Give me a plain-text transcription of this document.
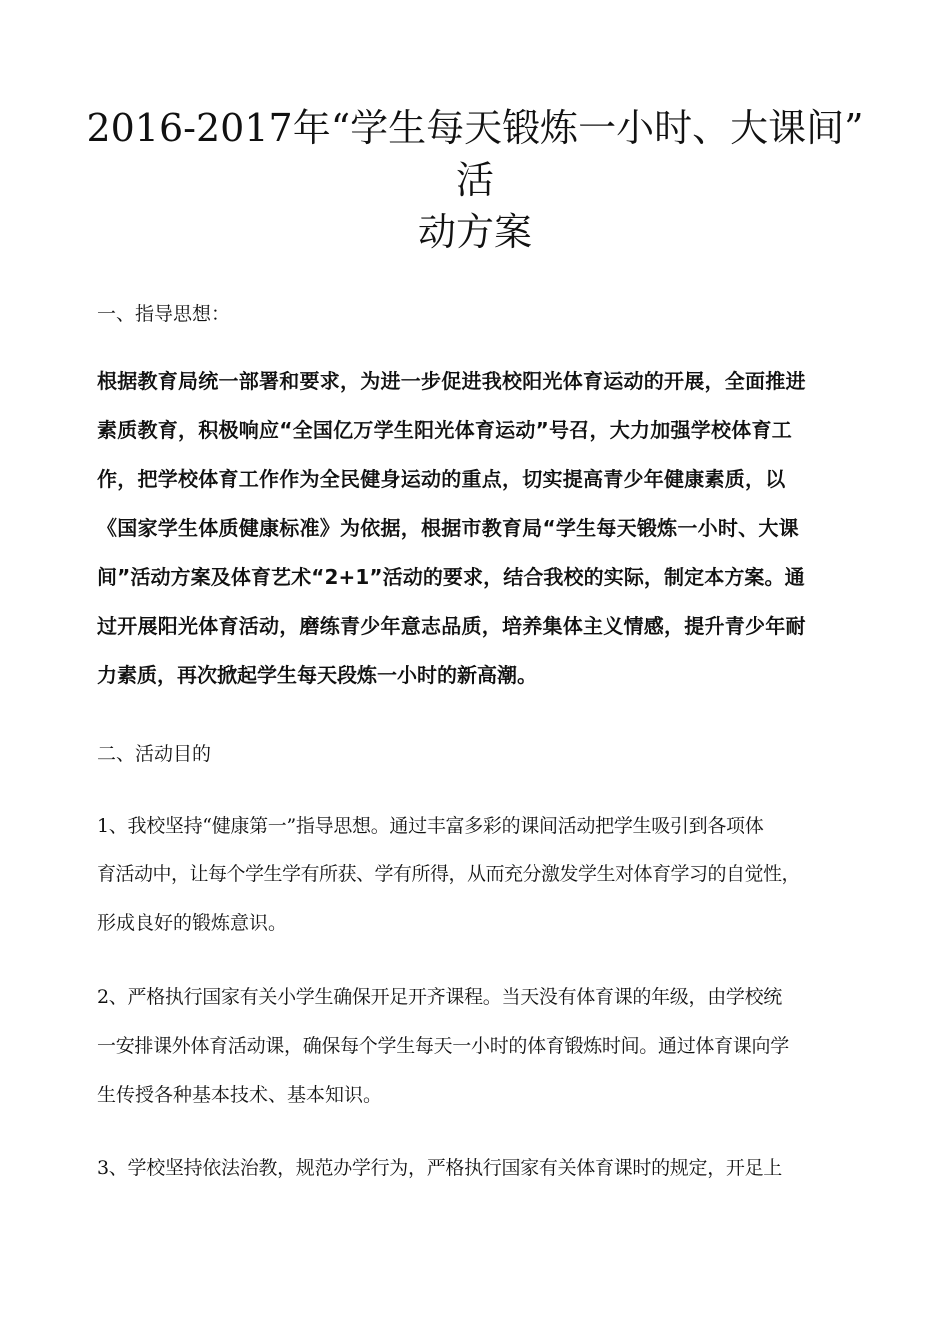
2016-2017年“学生每天锻炼一小时、大课间”
活
动方案
一、指导思想：
根据教育局统一部署和要求，为进一步促进我校阳光体育运动的开展，全面推进
素质教育，积极响应“全国亿万学生阳光体育运动”号召，大力加强学校体育工
作，把学校体育工作作为全民健身运动的重点，切实提高青少年健康素质，以
《国家学生体质健康标准》为依据，根据市教育局“学生每天锻炼一小时、大课
间”活动方案及体育艺术“2+1”活动的要求，结合我校的实际，制定本方案。通
过开展阳光体育活动，磨练青少年意志品质，培养集体主义情感，提升青少年耐
力素质，再次掀起学生每天段炼一小时的新高潮。
二、活动目的
1、我校坚持“健康第一”指导思想。通过丰富多彩的课间活动把学生吸引到各项体
育活动中，让每个学生学有所获、学有所得，从而充分激发学生对体育学习的自觉性，
形成良好的锻炼意识。
2、严格执行国家有关小学生确保开足开齐课程。当天没有体育课的年级，由学校统
一安排课外体育活动课，确保每个学生每天一小时的体育锻炼时间。通过体育课向学
生传授各种基本技术、基本知识。
3、学校坚持依法治教，规范办学行为，严格执行国家有关体育课时的规定，开足上
